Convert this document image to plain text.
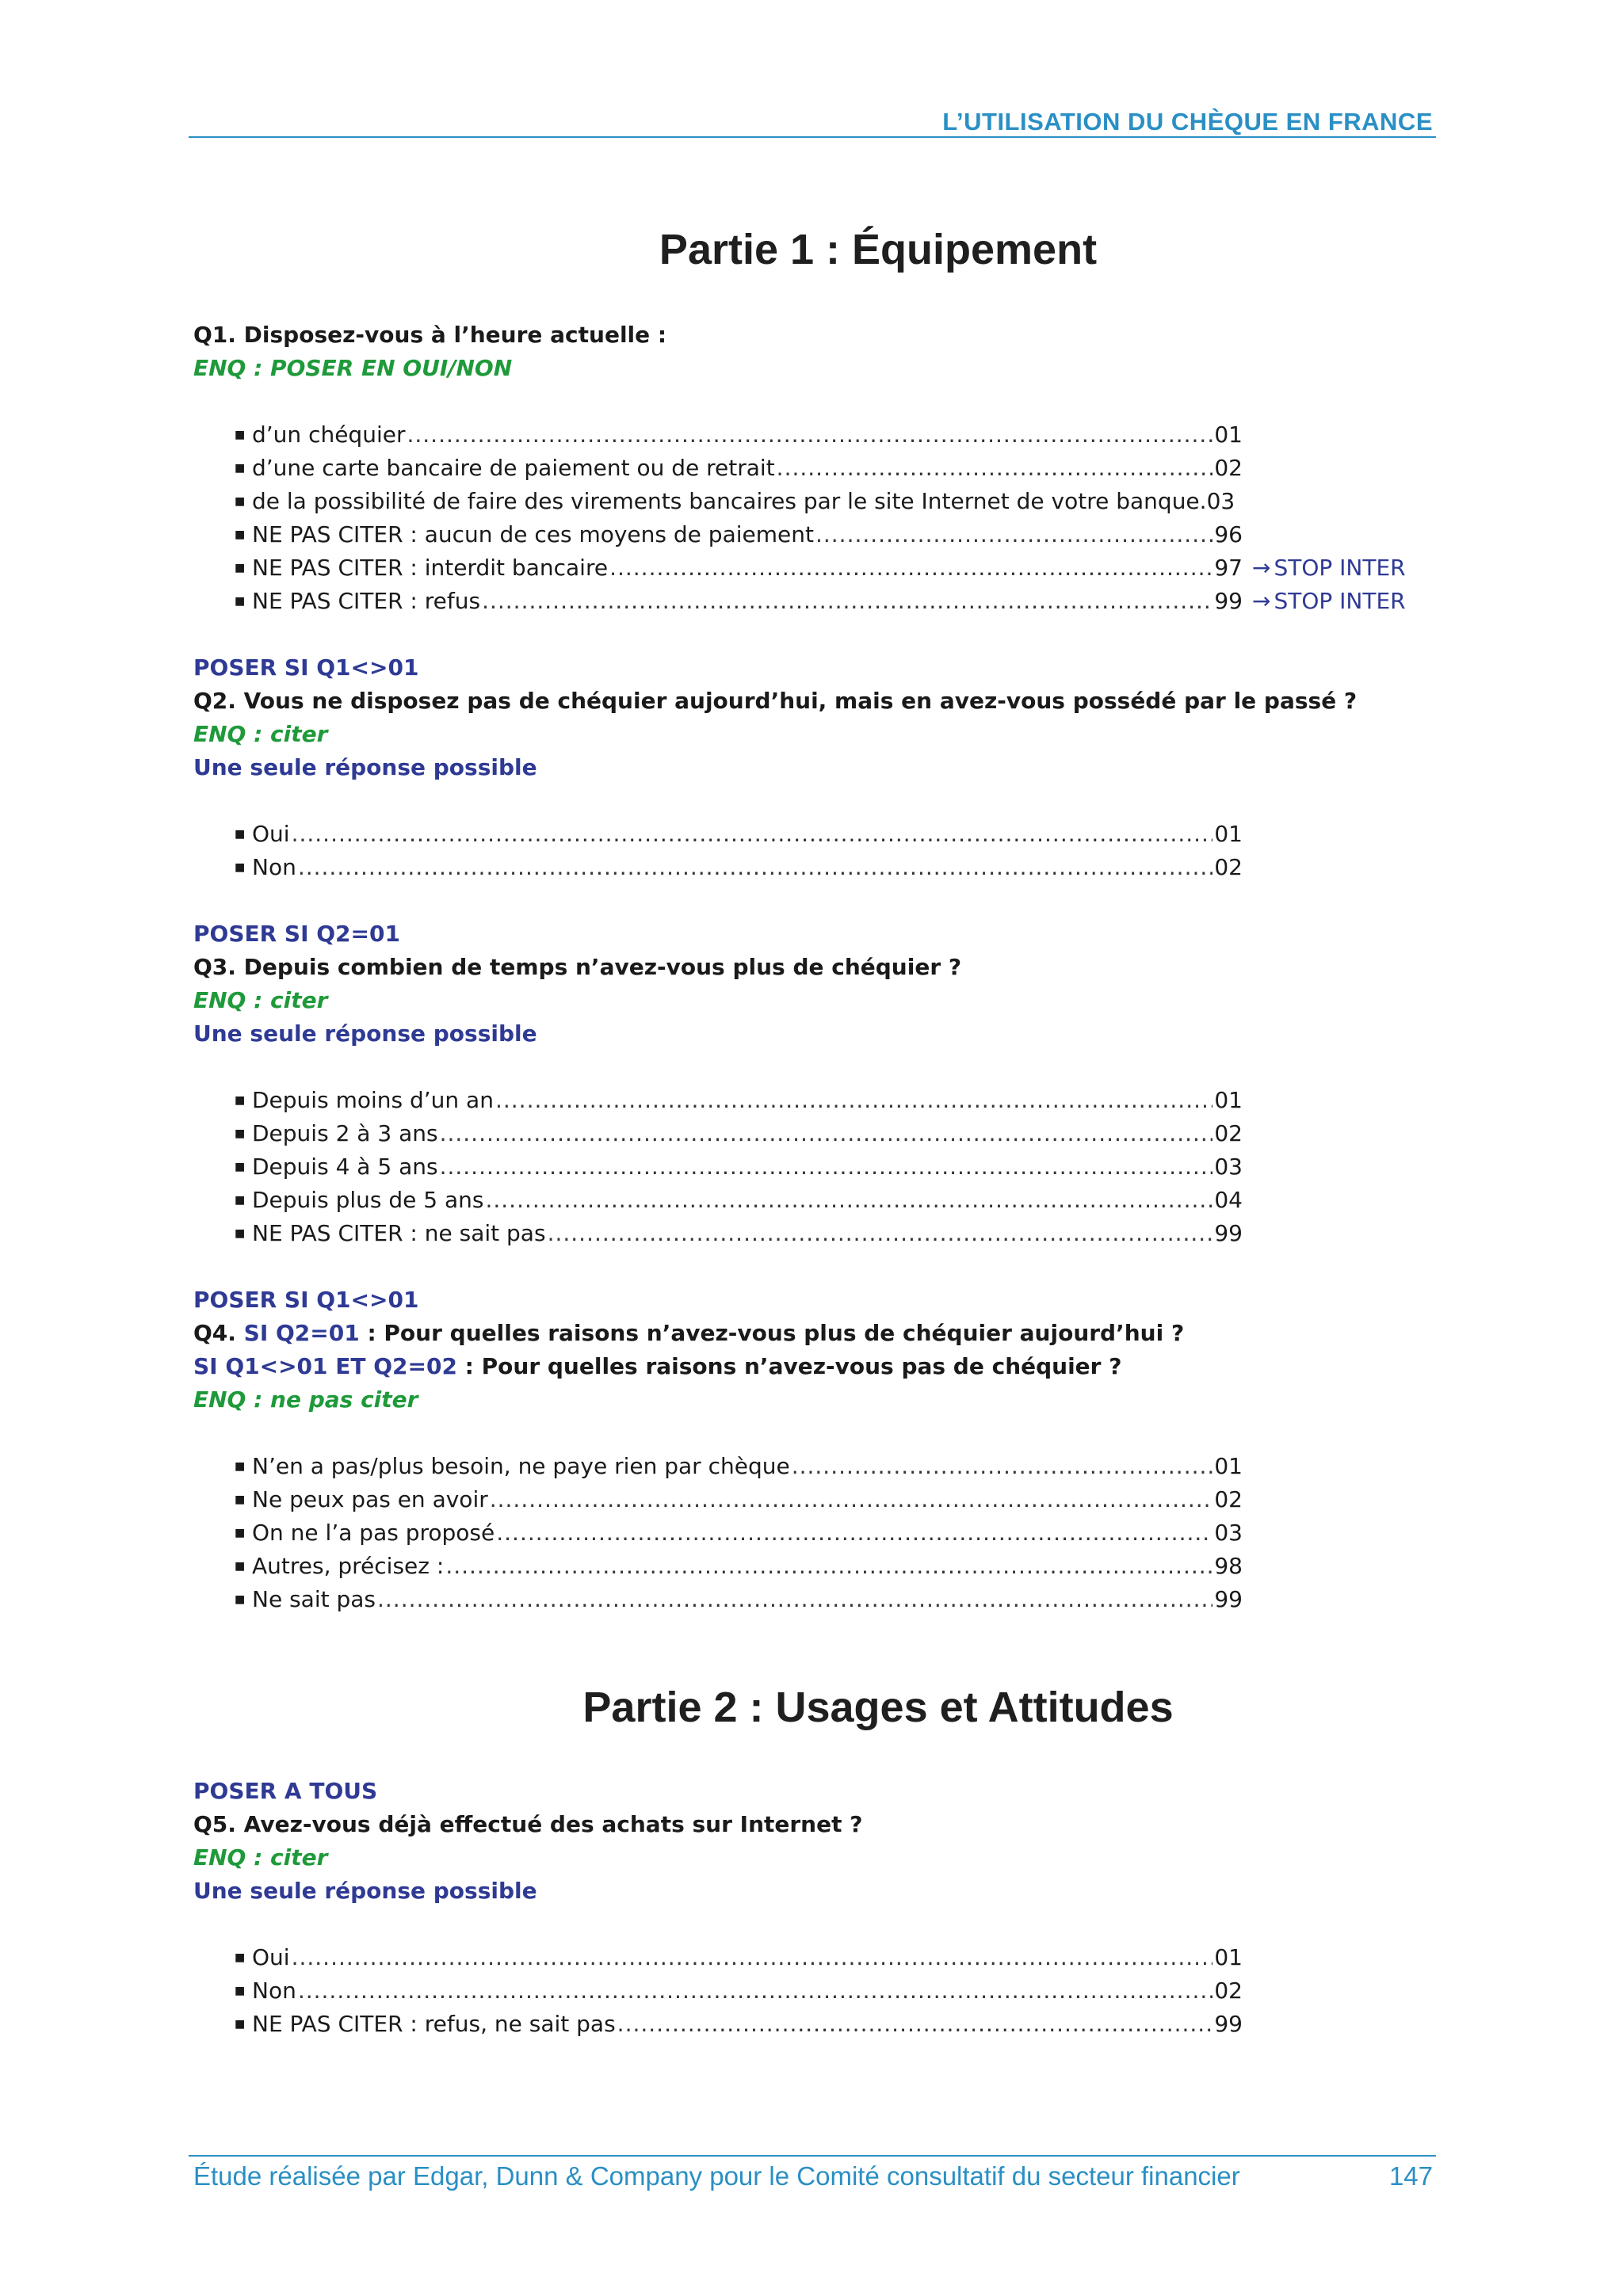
L’UTILISATION DU CHÈQUE EN FRANCE
Partie 1 : Équipement
Q1. Disposez-vous à l’heure actuelle :
ENQ : POSER EN OUI/NON
■ d’un chéquier .....	01
■ d’une carte bancaire de paiement ou de retrait .....	02
■ de la possibilité de faire des virements bancaires par le site Internet de votre banque. 03
■ NE PAS CITER : aucun de ces moyens de paiement .....	96
■ NE PAS CITER : interdit bancaire .....	97 → STOP INTER
■ NE PAS CITER : refus .....	99 → STOP INTER
POSER SI Q1<>01
Q2. Vous ne disposez pas de chéquier aujourd’hui, mais en avez-vous possédé par le passé ?
ENQ : citer
Une seule réponse possible
■ Oui .....	01
■ Non .....	02
POSER SI Q2=01
Q3. Depuis combien de temps n’avez-vous plus de chéquier ?
ENQ : citer
Une seule réponse possible
■ Depuis moins d’un an .....	01
■ Depuis 2 à 3 ans .....	02
■ Depuis 4 à 5 ans .....	03
■ Depuis plus de 5 ans .....	04
■ NE PAS CITER : ne sait pas .....	99
POSER SI Q1<>01
Q4. SI Q2=01 : Pour quelles raisons n’avez-vous plus de chéquier aujourd’hui ?
SI Q1<>01 ET Q2=02 : Pour quelles raisons n’avez-vous pas de chéquier ?
ENQ : ne pas citer
■ N’en a pas/plus besoin, ne paye rien par chèque .....	01
■ Ne peux pas en avoir .....	02
■ On ne l’a pas proposé .....	03
■ Autres, précisez : .....	98
■ Ne sait pas .....	99
Partie 2 : Usages et Attitudes
POSER A TOUS
Q5. Avez-vous déjà effectué des achats sur Internet ?
ENQ : citer
Une seule réponse possible
■ Oui .....	01
■ Non .....	02
■ NE PAS CITER : refus, ne sait pas .....	99
Étude réalisée par Edgar, Dunn & Company pour le Comité consultatif du secteur financier	147
